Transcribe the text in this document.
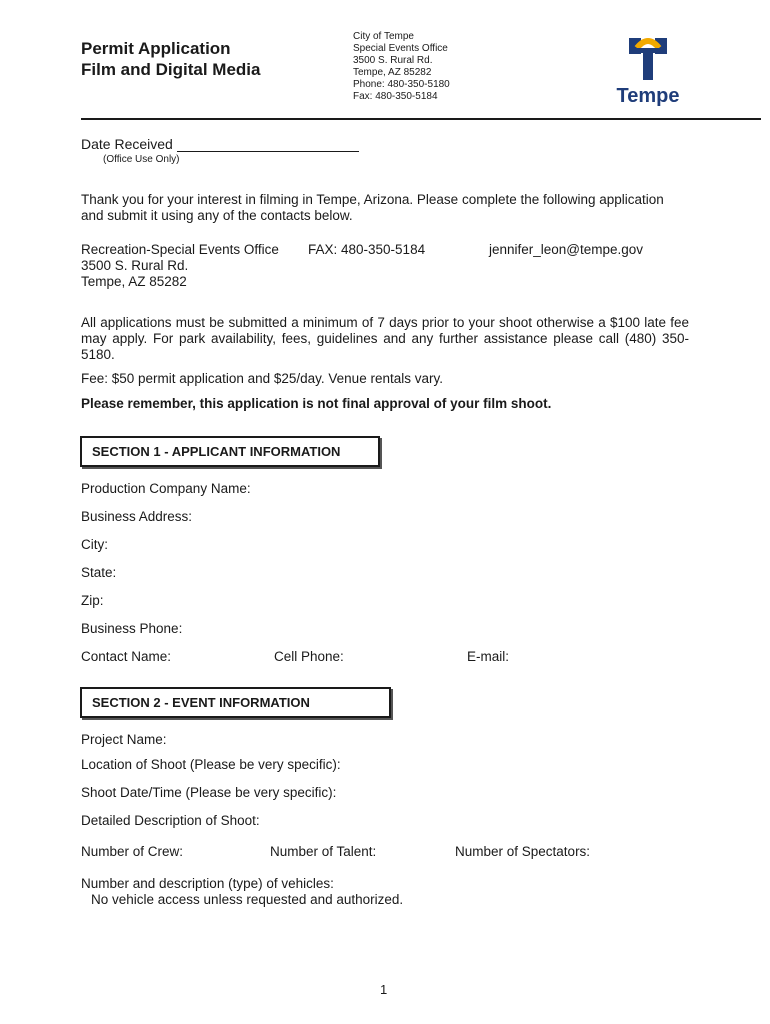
Permit Application
Film and Digital Media
City of Tempe
Special Events Office
3500 S. Rural Rd.
Tempe, AZ 85282
Phone: 480-350-5180
Fax: 480-350-5184	Tempe
Date Received
(Office Use Only)
Thank you for your interest in filming in Tempe, Arizona. Please complete the following application and submit it using any of the contacts below.
Recreation-Special Events Office	FAX: 480-350-5184	jennifer_leon@tempe.gov
3500 S. Rural Rd.
Tempe, AZ 85282
All applications must be submitted a minimum of 7 days prior to your shoot otherwise a $100 late fee may apply. For park availability, fees, guidelines and any further assistance please call (480) 350-5180.
Fee: $50 permit application and $25/day. Venue rentals vary.
Please remember, this application is not final approval of your film shoot.
SECTION 1 - APPLICANT INFORMATION
Production Company Name:
Business Address:
City:
State:
Zip:
Business Phone:
Contact Name:	Cell Phone:	E-mail:
SECTION 2 - EVENT INFORMATION
Project Name:
Location of Shoot (Please be very specific):
Shoot Date/Time (Please be very specific):
Detailed Description of Shoot:
Number of Crew:	Number of Talent:	Number of Spectators:
Number and description (type) of vehicles:
No vehicle access unless requested and authorized.
1
